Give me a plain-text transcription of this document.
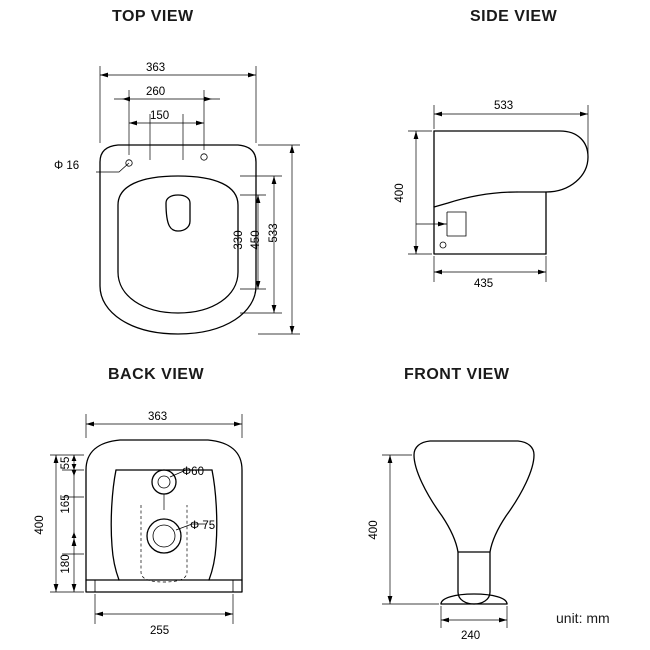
TOP VIEW	SIDE VIEW
BACK VIEW	FRONT VIEW
unit: mm
363
260
150
Φ 16
533
450
330
533
400
435
363
400
55
165
180
Φ60
Φ 75
255
400
240
